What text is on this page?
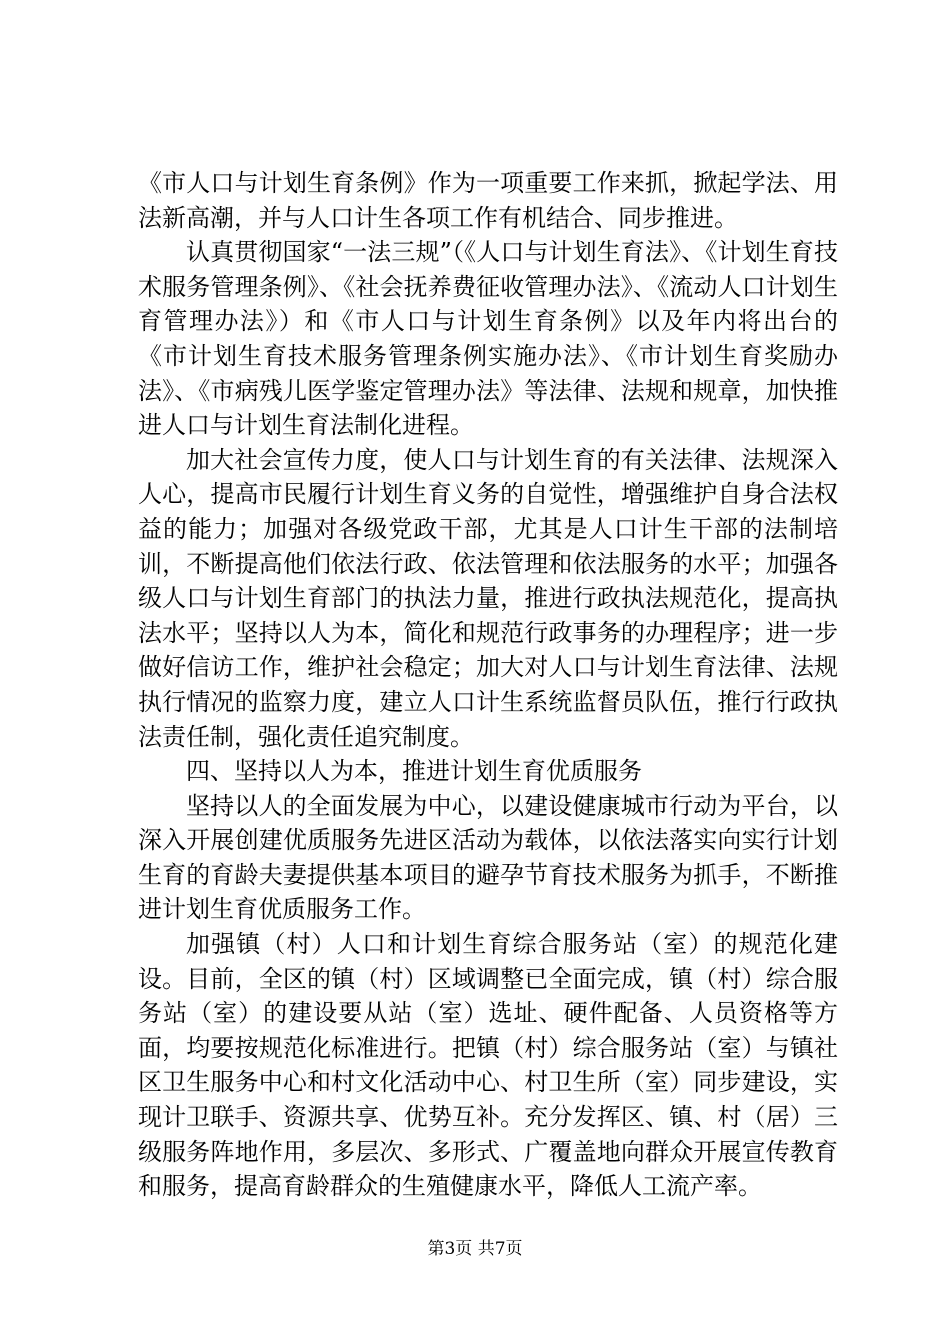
《市人口与计划生育条例》作为一项重要工作来抓，掀起学法、用法新高潮，并与人口计生各项工作有机结合、同步推进。

认真贯彻国家“一法三规”（《人口与计划生育法》、《计划生育技术服务管理条例》、《社会抚养费征收管理办法》、《流动人口计划生育管理办法》）和《市人口与计划生育条例》以及年内将出台的《市计划生育技术服务管理条例实施办法》、《市计划生育奖励办法》、《市病残儿医学鉴定管理办法》等法律、法规和规章，加快推进人口与计划生育法制化进程。

加大社会宣传力度，使人口与计划生育的有关法律、法规深入人心，提高市民履行计划生育义务的自觉性，增强维护自身合法权益的能力；加强对各级党政干部，尤其是人口计生干部的法制培训，不断提高他们依法行政、依法管理和依法服务的水平；加强各级人口与计划生育部门的执法力量，推进行政执法规范化，提高执法水平；坚持以人为本，简化和规范行政事务的办理程序；进一步做好信访工作，维护社会稳定；加大对人口与计划生育法律、法规执行情况的监察力度，建立人口计生系统监督员队伍，推行行政执法责任制，强化责任追究制度。

四、坚持以人为本，推进计划生育优质服务

坚持以人的全面发展为中心，以建设健康城市行动为平台，以深入开展创建优质服务先进区活动为载体，以依法落实向实行计划生育的育龄夫妻提供基本项目的避孕节育技术服务为抓手，不断推进计划生育优质服务工作。

加强镇（村）人口和计划生育综合服务站（室）的规范化建设。目前，全区的镇（村）区域调整已全面完成，镇（村）综合服务站（室）的建设要从站（室）选址、硬件配备、人员资格等方面，均要按规范化标准进行。把镇（村）综合服务站（室）与镇社区卫生服务中心和村文化活动中心、村卫生所（室）同步建设，实现计卫联手、资源共享、优势互补。充分发挥区、镇、村（居）三级服务阵地作用，多层次、多形式、广覆盖地向群众开展宣传教育和服务，提高育龄群众的生殖健康水平，降低人工流产率。

第3页 共7页
